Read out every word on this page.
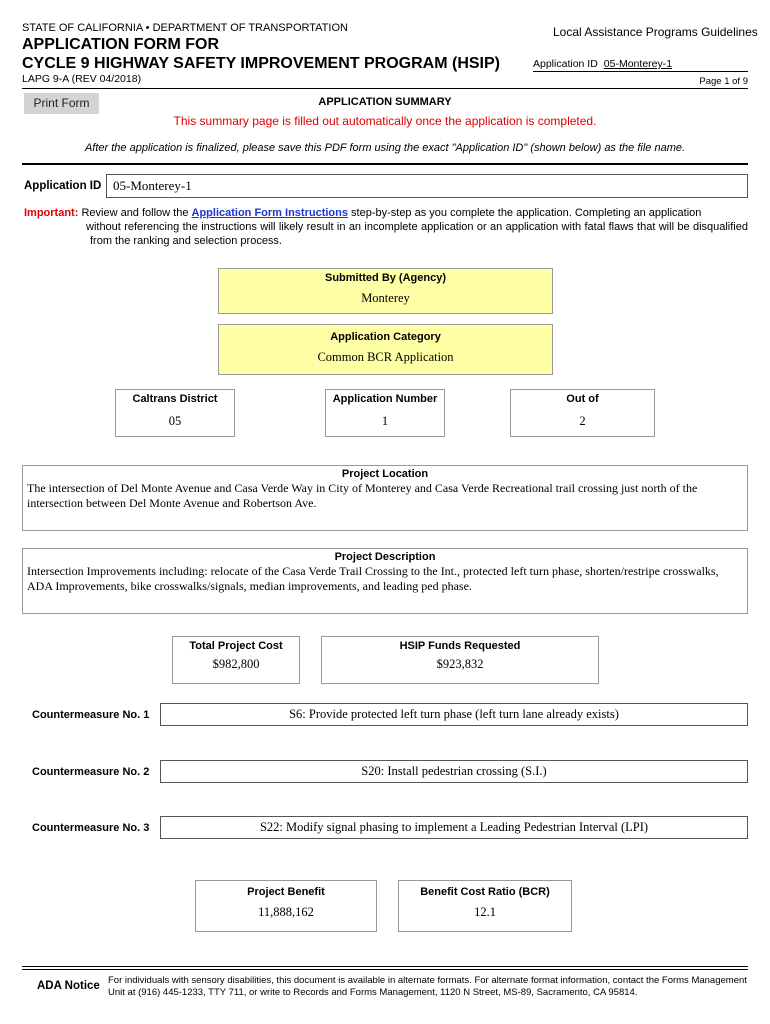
STATE OF CALIFORNIA • DEPARTMENT OF TRANSPORTATION
APPLICATION FORM FOR
CYCLE 9 HIGHWAY SAFETY IMPROVEMENT PROGRAM (HSIP)
LAPG 9-A (REV 04/2018)
Local Assistance Programs Guidelines
Application ID 05-Monterey-1
Page 1 of 9
Print Form	APPLICATION SUMMARY
This summary page is filled out automatically once the application is completed.
After the application is finalized, please save this PDF form using the exact "Application ID" (shown below) as the file name.
Application ID 05-Monterey-1
Important: Review and follow the Application Form Instructions step-by-step as you complete the application. Completing an application
without referencing the instructions will likely result in an incomplete application or an application with fatal flaws that will be disqualified from the ranking and selection process.
Submitted By (Agency)
Monterey
Application Category
Common BCR Application
Caltrans District
05
Application Number
1
Out of
2
Project Location
The intersection of Del Monte Avenue and Casa Verde Way in City of Monterey and Casa Verde Recreational trail crossing just north of the intersection between Del Monte Avenue and Robertson Ave.
Project Description
Intersection Improvements including: relocate of the Casa Verde Trail Crossing to the Int., protected left turn phase, shorten/restripe crosswalks, ADA Improvements, bike crosswalks/signals, median improvements, and leading ped phase.
Total Project Cost
$982,800
HSIP Funds Requested
$923,832
Countermeasure No. 1	S6: Provide protected left turn phase (left turn lane already exists)
Countermeasure No. 2	S20: Install pedestrian crossing (S.I.)
Countermeasure No. 3	S22: Modify signal phasing to implement a Leading Pedestrian Interval (LPI)
Project Benefit
11,888,162
Benefit Cost Ratio (BCR)
12.1
ADA Notice For individuals with sensory disabilities, this document is available in alternate formats. For alternate format information, contact the Forms Management Unit at (916) 445-1233, TTY 711, or write to Records and Forms Management, 1120 N Street, MS-89, Sacramento, CA 95814.
